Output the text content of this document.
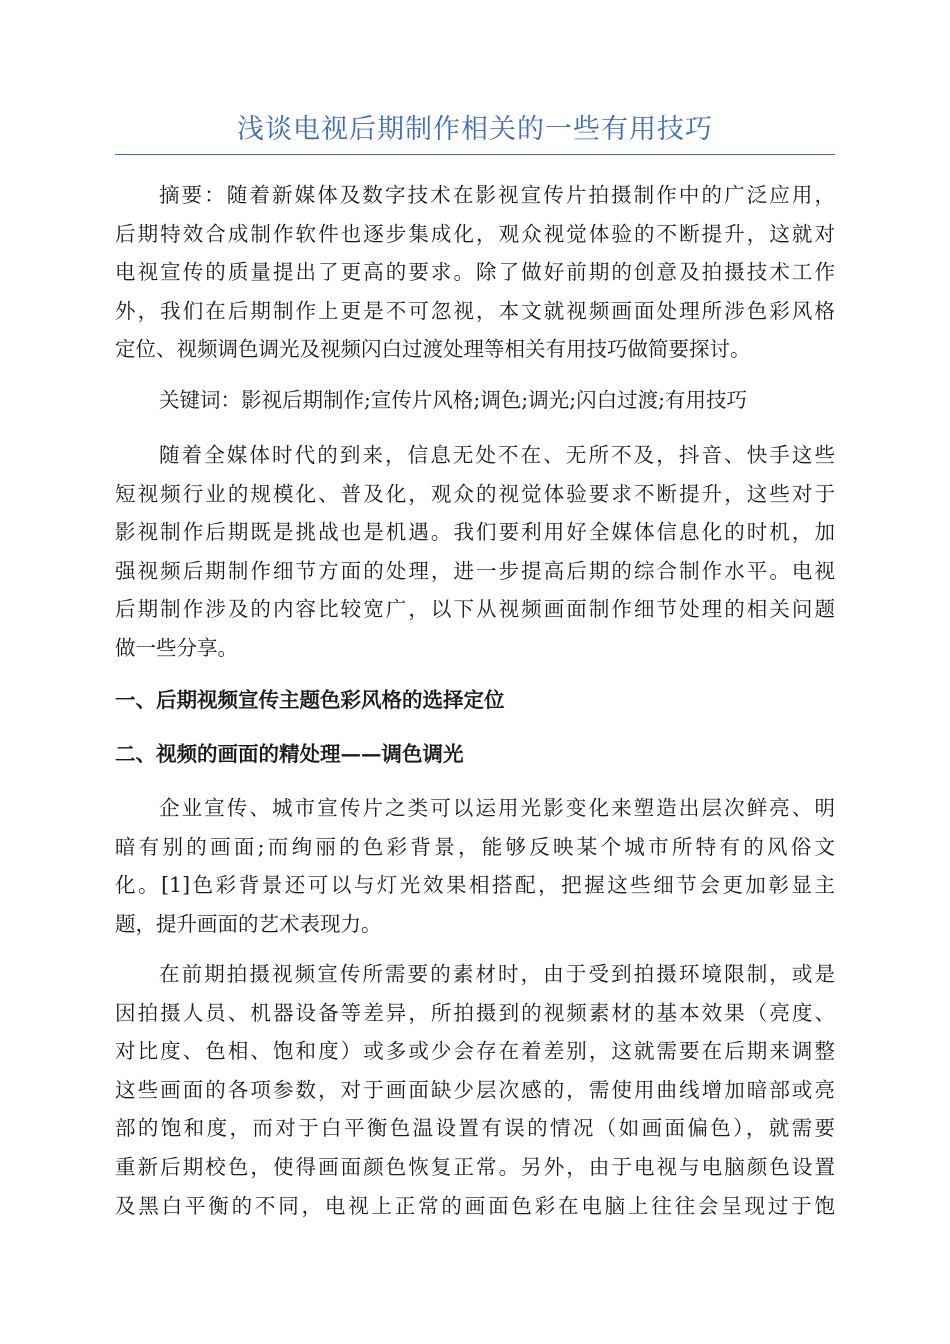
浅谈电视后期制作相关的一些有用技巧
摘要：随着新媒体及数字技术在影视宣传片拍摄制作中的广泛应用，
后期特效合成制作软件也逐步集成化，观众视觉体验的不断提升，这就对
电视宣传的质量提出了更高的要求。除了做好前期的创意及拍摄技术工作
外，我们在后期制作上更是不可忽视，本文就视频画面处理所涉色彩风格
定位、视频调色调光及视频闪白过渡处理等相关有用技巧做简要探讨。
关键词：影视后期制作;宣传片风格;调色;调光;闪白过渡;有用技巧
随着全媒体时代的到来，信息无处不在、无所不及，抖音、快手这些
短视频行业的规模化、普及化，观众的视觉体验要求不断提升，这些对于
影视制作后期既是挑战也是机遇。我们要利用好全媒体信息化的时机，加
强视频后期制作细节方面的处理，进一步提高后期的综合制作水平。电视
后期制作涉及的内容比较宽广，以下从视频画面制作细节处理的相关问题
做一些分享。
一、后期视频宣传主题色彩风格的选择定位
二、视频的画面的精处理——调色调光
企业宣传、城市宣传片之类可以运用光影变化来塑造出层次鲜亮、明
暗有别的画面;而绚丽的色彩背景，能够反映某个城市所特有的风俗文
化。[1]色彩背景还可以与灯光效果相搭配，把握这些细节会更加彰显主
题，提升画面的艺术表现力。
在前期拍摄视频宣传所需要的素材时，由于受到拍摄环境限制，或是
因拍摄人员、机器设备等差异，所拍摄到的视频素材的基本效果（亮度、
对比度、色相、饱和度）或多或少会存在着差别，这就需要在后期来调整
这些画面的各项参数，对于画面缺少层次感的，需使用曲线增加暗部或亮
部的饱和度，而对于白平衡色温设置有误的情况（如画面偏色），就需要
重新后期校色，使得画面颜色恢复正常。另外，由于电视与电脑颜色设置
及黑白平衡的不同，电视上正常的画面色彩在电脑上往往会呈现过于饱
